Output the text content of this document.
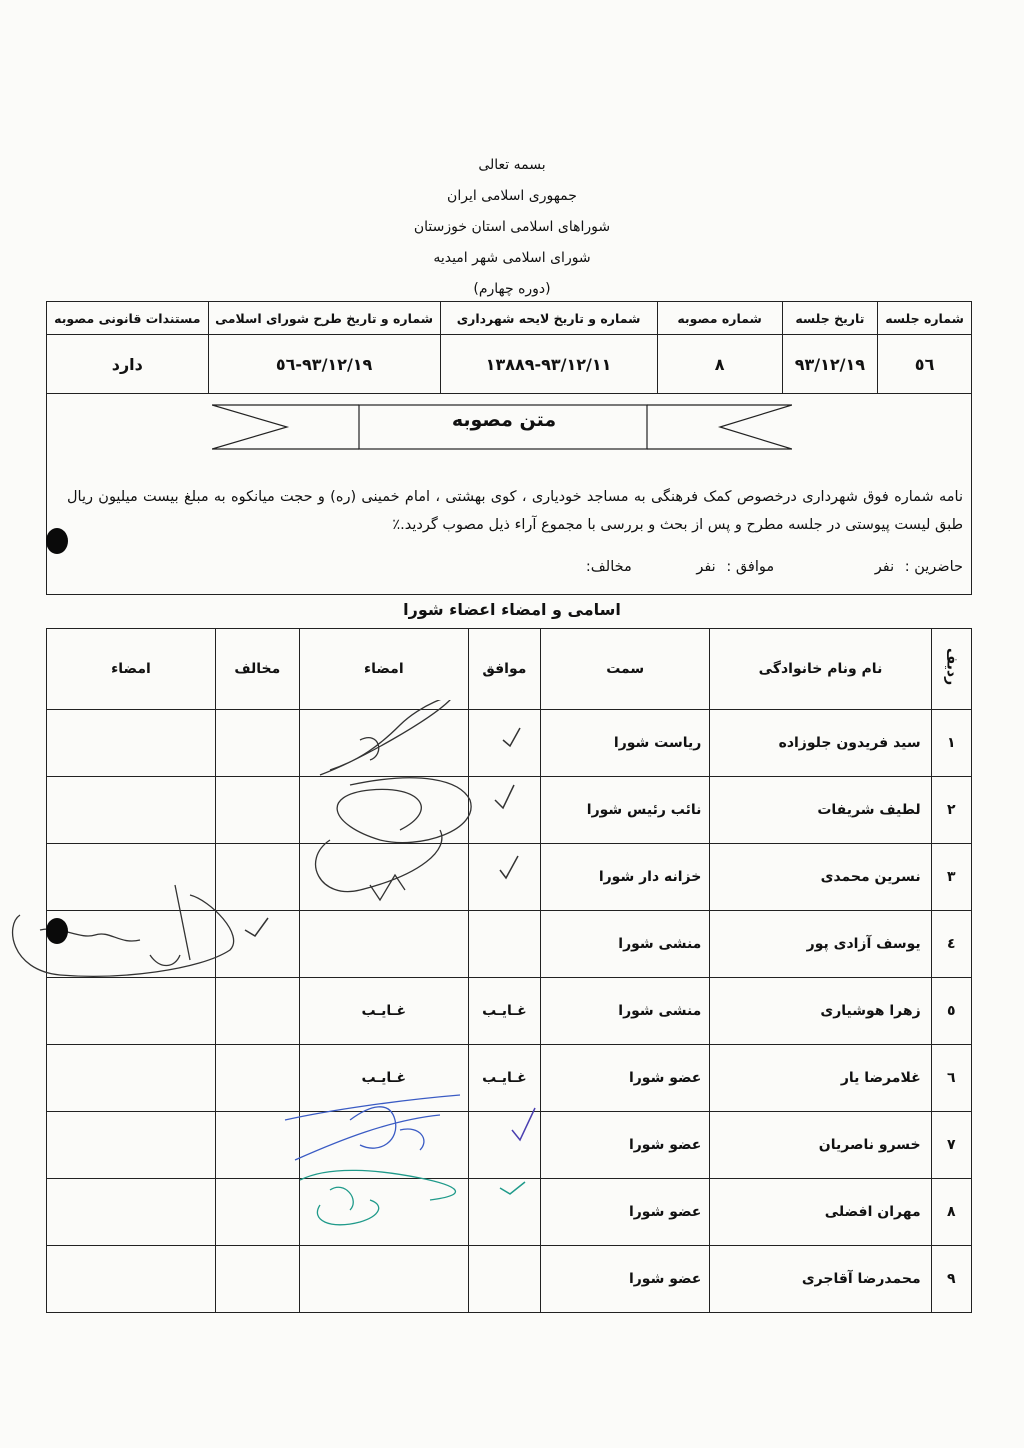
بسمه تعالی
جمهوری اسلامی ایران
شوراهای اسلامی استان خوزستان
شورای اسلامی شهر امیدیه
(دوره چهارم)
مستندات قانونی مصوبه	شماره و تاریخ طرح شورای اسلامی	شماره و تاریخ لایحه شهرداری	شماره مصوبه	تاریخ جلسه	شماره جلسه
دارد	٩٣/١٢/١٩-٥٦	٩٣/١٢/١١-١٣٨٨٩	٨	٩٣/١٢/١٩	٥٦
متن مصوبه
نامه شماره فوق شهرداری درخصوص کمک فرهنگی به مساجد خودیاری ، کوی بهشتی ، امام خمینی (ره) و حجت میانکوه به مبلغ بیست میلیون ریال طبق لیست پیوستی در جلسه مطرح و پس از بحث و بررسی با مجموع آراء ذیل مصوب گردید.٪
حاضرین : نفر موافق : نفر مخالف:
اسامی و امضاء اعضاء شورا
امضاء	مخالف	امضاء	موافق	سمت	نام ونام خانوادگی	ردیف
				ریاست شورا	سید فریدون جلوزاده	١
				نائب رئیس شورا	لطیف شریفات	٢
				خزانه دار شورا	نسرین محمدی	٣
				منشی شورا	یوسف آزادی پور	٤
		غـایـب	غـایـب	منشی شورا	زهرا هوشیاری	٥
		غـایـب	غـایـب	عضو شورا	غلامرضا یار	٦
				عضو شورا	خسرو ناصریان	٧
				عضو شورا	مهران افضلی	٨
				عضو شورا	محمدرضا آقاجری	٩
